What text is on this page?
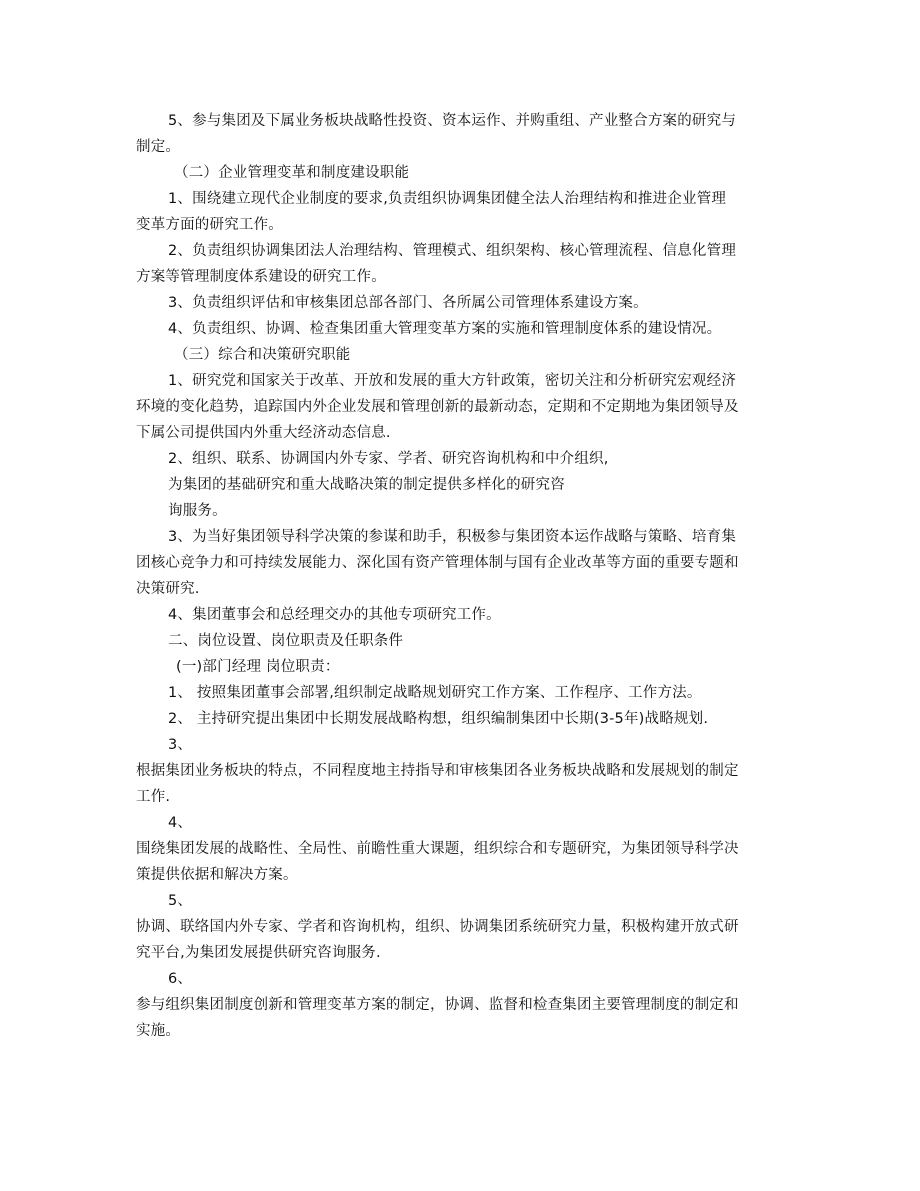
5、参与集团及下属业务板块战略性投资、资本运作、并购重组、产业整合方案的研究与
制定。
（二）企业管理变革和制度建设职能
1、围绕建立现代企业制度的要求,负责组织协调集团健全法人治理结构和推进企业管理
变革方面的研究工作。
2、负责组织协调集团法人治理结构、管理模式、组织架构、核心管理流程、信息化管理
方案等管理制度体系建设的研究工作。
3、负责组织评估和审核集团总部各部门、各所属公司管理体系建设方案。
4、负责组织、协调、检查集团重大管理变革方案的实施和管理制度体系的建设情况。
（三）综合和决策研究职能
1、研究党和国家关于改革、开放和发展的重大方针政策，密切关注和分析研究宏观经济
环境的变化趋势，追踪国内外企业发展和管理创新的最新动态，定期和不定期地为集团领导及
下属公司提供国内外重大经济动态信息.
2、组织、联系、协调国内外专家、学者、研究咨询机构和中介组织,
为集团的基础研究和重大战略决策的制定提供多样化的研究咨
询服务。
3、为当好集团领导科学决策的参谋和助手，积极参与集团资本运作战略与策略、培育集
团核心竞争力和可持续发展能力、深化国有资产管理体制与国有企业改革等方面的重要专题和
决策研究.
4、集团董事会和总经理交办的其他专项研究工作。
二、岗位设置、岗位职责及任职条件
(一)部门经理 岗位职责：
1、 按照集团董事会部署,组织制定战略规划研究工作方案、工作程序、工作方法。
2、 主持研究提出集团中长期发展战略构想，组织编制集团中长期(3-5年)战略规划.
3、
根据集团业务板块的特点，不同程度地主持指导和审核集团各业务板块战略和发展规划的制定
工作.
4、
围绕集团发展的战略性、全局性、前瞻性重大课题，组织综合和专题研究，为集团领导科学决
策提供依据和解决方案。
5、
协调、联络国内外专家、学者和咨询机构，组织、协调集团系统研究力量，积极构建开放式研
究平台,为集团发展提供研究咨询服务.
6、
参与组织集团制度创新和管理变革方案的制定，协调、监督和检查集团主要管理制度的制定和
实施。
